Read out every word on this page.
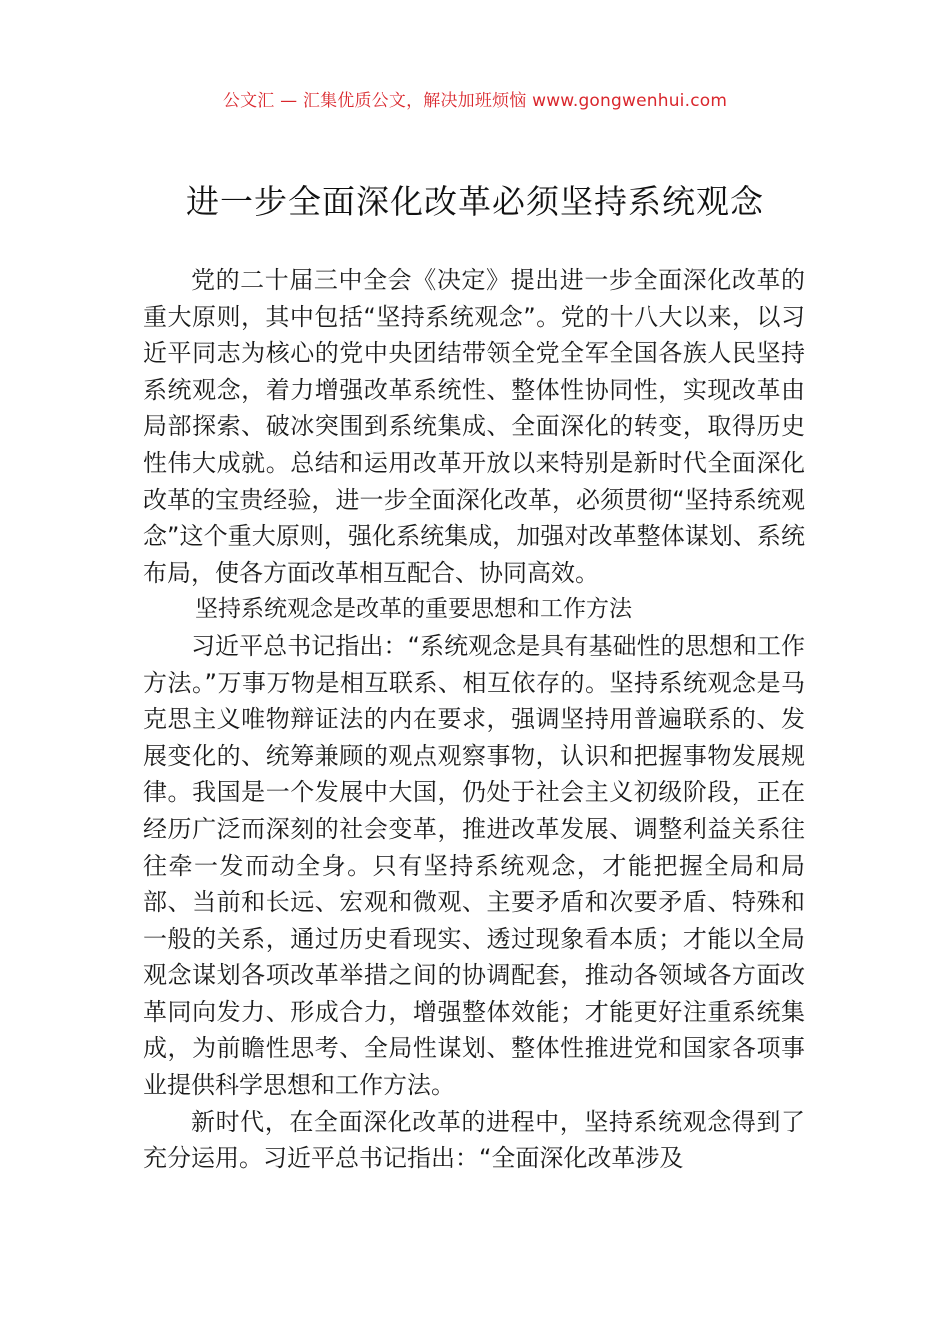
公文汇 — 汇集优质公文，解决加班烦恼 www.gongwenhui.com
进一步全面深化改革必须坚持系统观念

党的二十届三中全会《决定》提出进一步全面深化改革的重大原则，其中包括“坚持系统观念”。党的十八大以来，以习近平同志为核心的党中央团结带领全党全军全国各族人民坚持系统观念，着力增强改革系统性、整体性协同性，实现改革由局部探索、破冰突围到系统集成、全面深化的转变，取得历史性伟大成就。总结和运用改革开放以来特别是新时代全面深化改革的宝贵经验，进一步全面深化改革，必须贯彻“坚持系统观念”这个重大原则，强化系统集成，加强对改革整体谋划、系统布局，使各方面改革相互配合、协同高效。

坚持系统观念是改革的重要思想和工作方法

习近平总书记指出：“系统观念是具有基础性的思想和工作方法。”万事万物是相互联系、相互依存的。坚持系统观念是马克思主义唯物辩证法的内在要求，强调坚持用普遍联系的、发展变化的、统筹兼顾的观点观察事物，认识和把握事物发展规律。我国是一个发展中大国，仍处于社会主义初级阶段，正在经历广泛而深刻的社会变革，推进改革发展、调整利益关系往往牵一发而动全身。只有坚持系统观念，才能把握全局和局部、当前和长远、宏观和微观、主要矛盾和次要矛盾、特殊和一般的关系，通过历史看现实、透过现象看本质；才能以全局观念谋划各项改革举措之间的协调配套，推动各领域各方面改革同向发力、形成合力，增强整体效能；才能更好注重系统集成，为前瞻性思考、全局性谋划、整体性推进党和国家各项事业提供科学思想和工作方法。

新时代，在全面深化改革的进程中，坚持系统观念得到了充分运用。习近平总书记指出：“全面深化改革涉及
